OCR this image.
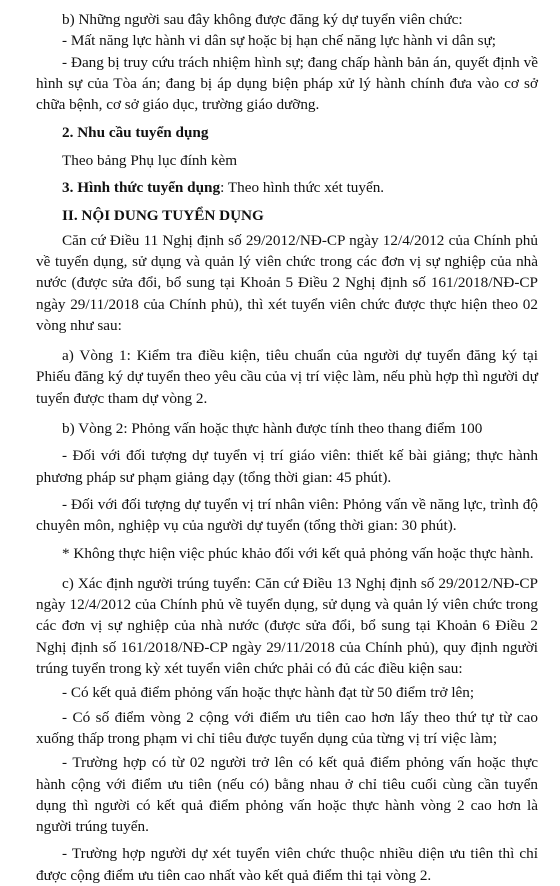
b) Những người sau đây không được đăng ký dự tuyển viên chức:

- Mất năng lực hành vi dân sự hoặc bị hạn chế năng lực hành vi dân sự;

- Đang bị truy cứu trách nhiệm hình sự; đang chấp hành bản án, quyết định về hình sự của Tòa án; đang bị áp dụng biện pháp xử lý hành chính đưa vào cơ sở chữa bệnh, cơ sở giáo dục, trường giáo dưỡng.

2. Nhu cầu tuyển dụng

Theo bảng Phụ lục đính kèm

3. Hình thức tuyển dụng: Theo hình thức xét tuyển.

II. NỘI DUNG TUYỂN DỤNG

Căn cứ Điều 11 Nghị định số 29/2012/NĐ-CP ngày 12/4/2012 của Chính phủ về tuyển dụng, sử dụng và quản lý viên chức trong các đơn vị sự nghiệp của nhà nước (được sửa đổi, bổ sung tại Khoản 5 Điều 2 Nghị định số 161/2018/NĐ-CP ngày 29/11/2018 của Chính phủ), thì xét tuyển viên chức được thực hiện theo 02 vòng như sau:

a) Vòng 1: Kiểm tra điều kiện, tiêu chuẩn của người dự tuyển đăng ký tại Phiếu đăng ký dự tuyển theo yêu cầu của vị trí việc làm, nếu phù hợp thì người dự tuyển được tham dự vòng 2.

b) Vòng 2: Phỏng vấn hoặc thực hành được tính theo thang điểm 100

- Đối với đối tượng dự tuyển vị trí giáo viên: thiết kế bài giảng; thực hành phương pháp sư phạm giảng dạy (tổng thời gian: 45 phút).

- Đối với đối tượng dự tuyển vị trí nhân viên: Phỏng vấn về năng lực, trình độ chuyên môn, nghiệp vụ của người dự tuyển (tổng thời gian: 30 phút).

* Không thực hiện việc phúc khảo đối với kết quả phỏng vấn hoặc thực hành.

c) Xác định người trúng tuyển: Căn cứ Điều 13 Nghị định số 29/2012/NĐ-CP ngày 12/4/2012 của Chính phủ về tuyển dụng, sử dụng và quản lý viên chức trong các đơn vị sự nghiệp của nhà nước (được sửa đổi, bổ sung tại Khoản 6 Điều 2 Nghị định số 161/2018/NĐ-CP ngày 29/11/2018 của Chính phủ), quy định người trúng tuyển trong kỳ xét tuyển viên chức phải có đủ các điều kiện sau:

- Có kết quả điểm phỏng vấn hoặc thực hành đạt từ 50 điểm trở lên;

- Có số điểm vòng 2 cộng với điểm ưu tiên cao hơn lấy theo thứ tự từ cao xuống thấp trong phạm vi chỉ tiêu được tuyển dụng của từng vị trí việc làm;

- Trường hợp có từ 02 người trở lên có kết quả điểm phỏng vấn hoặc thực hành cộng với điểm ưu tiên (nếu có) bằng nhau ở chỉ tiêu cuối cùng cần tuyển dụng thì người có kết quả điểm phỏng vấn hoặc thực hành vòng 2 cao hơn là người trúng tuyển.

- Trường hợp người dự xét tuyển viên chức thuộc nhiều diện ưu tiên thì chỉ được cộng điểm ưu tiên cao nhất vào kết quả điểm thi tại vòng 2.
